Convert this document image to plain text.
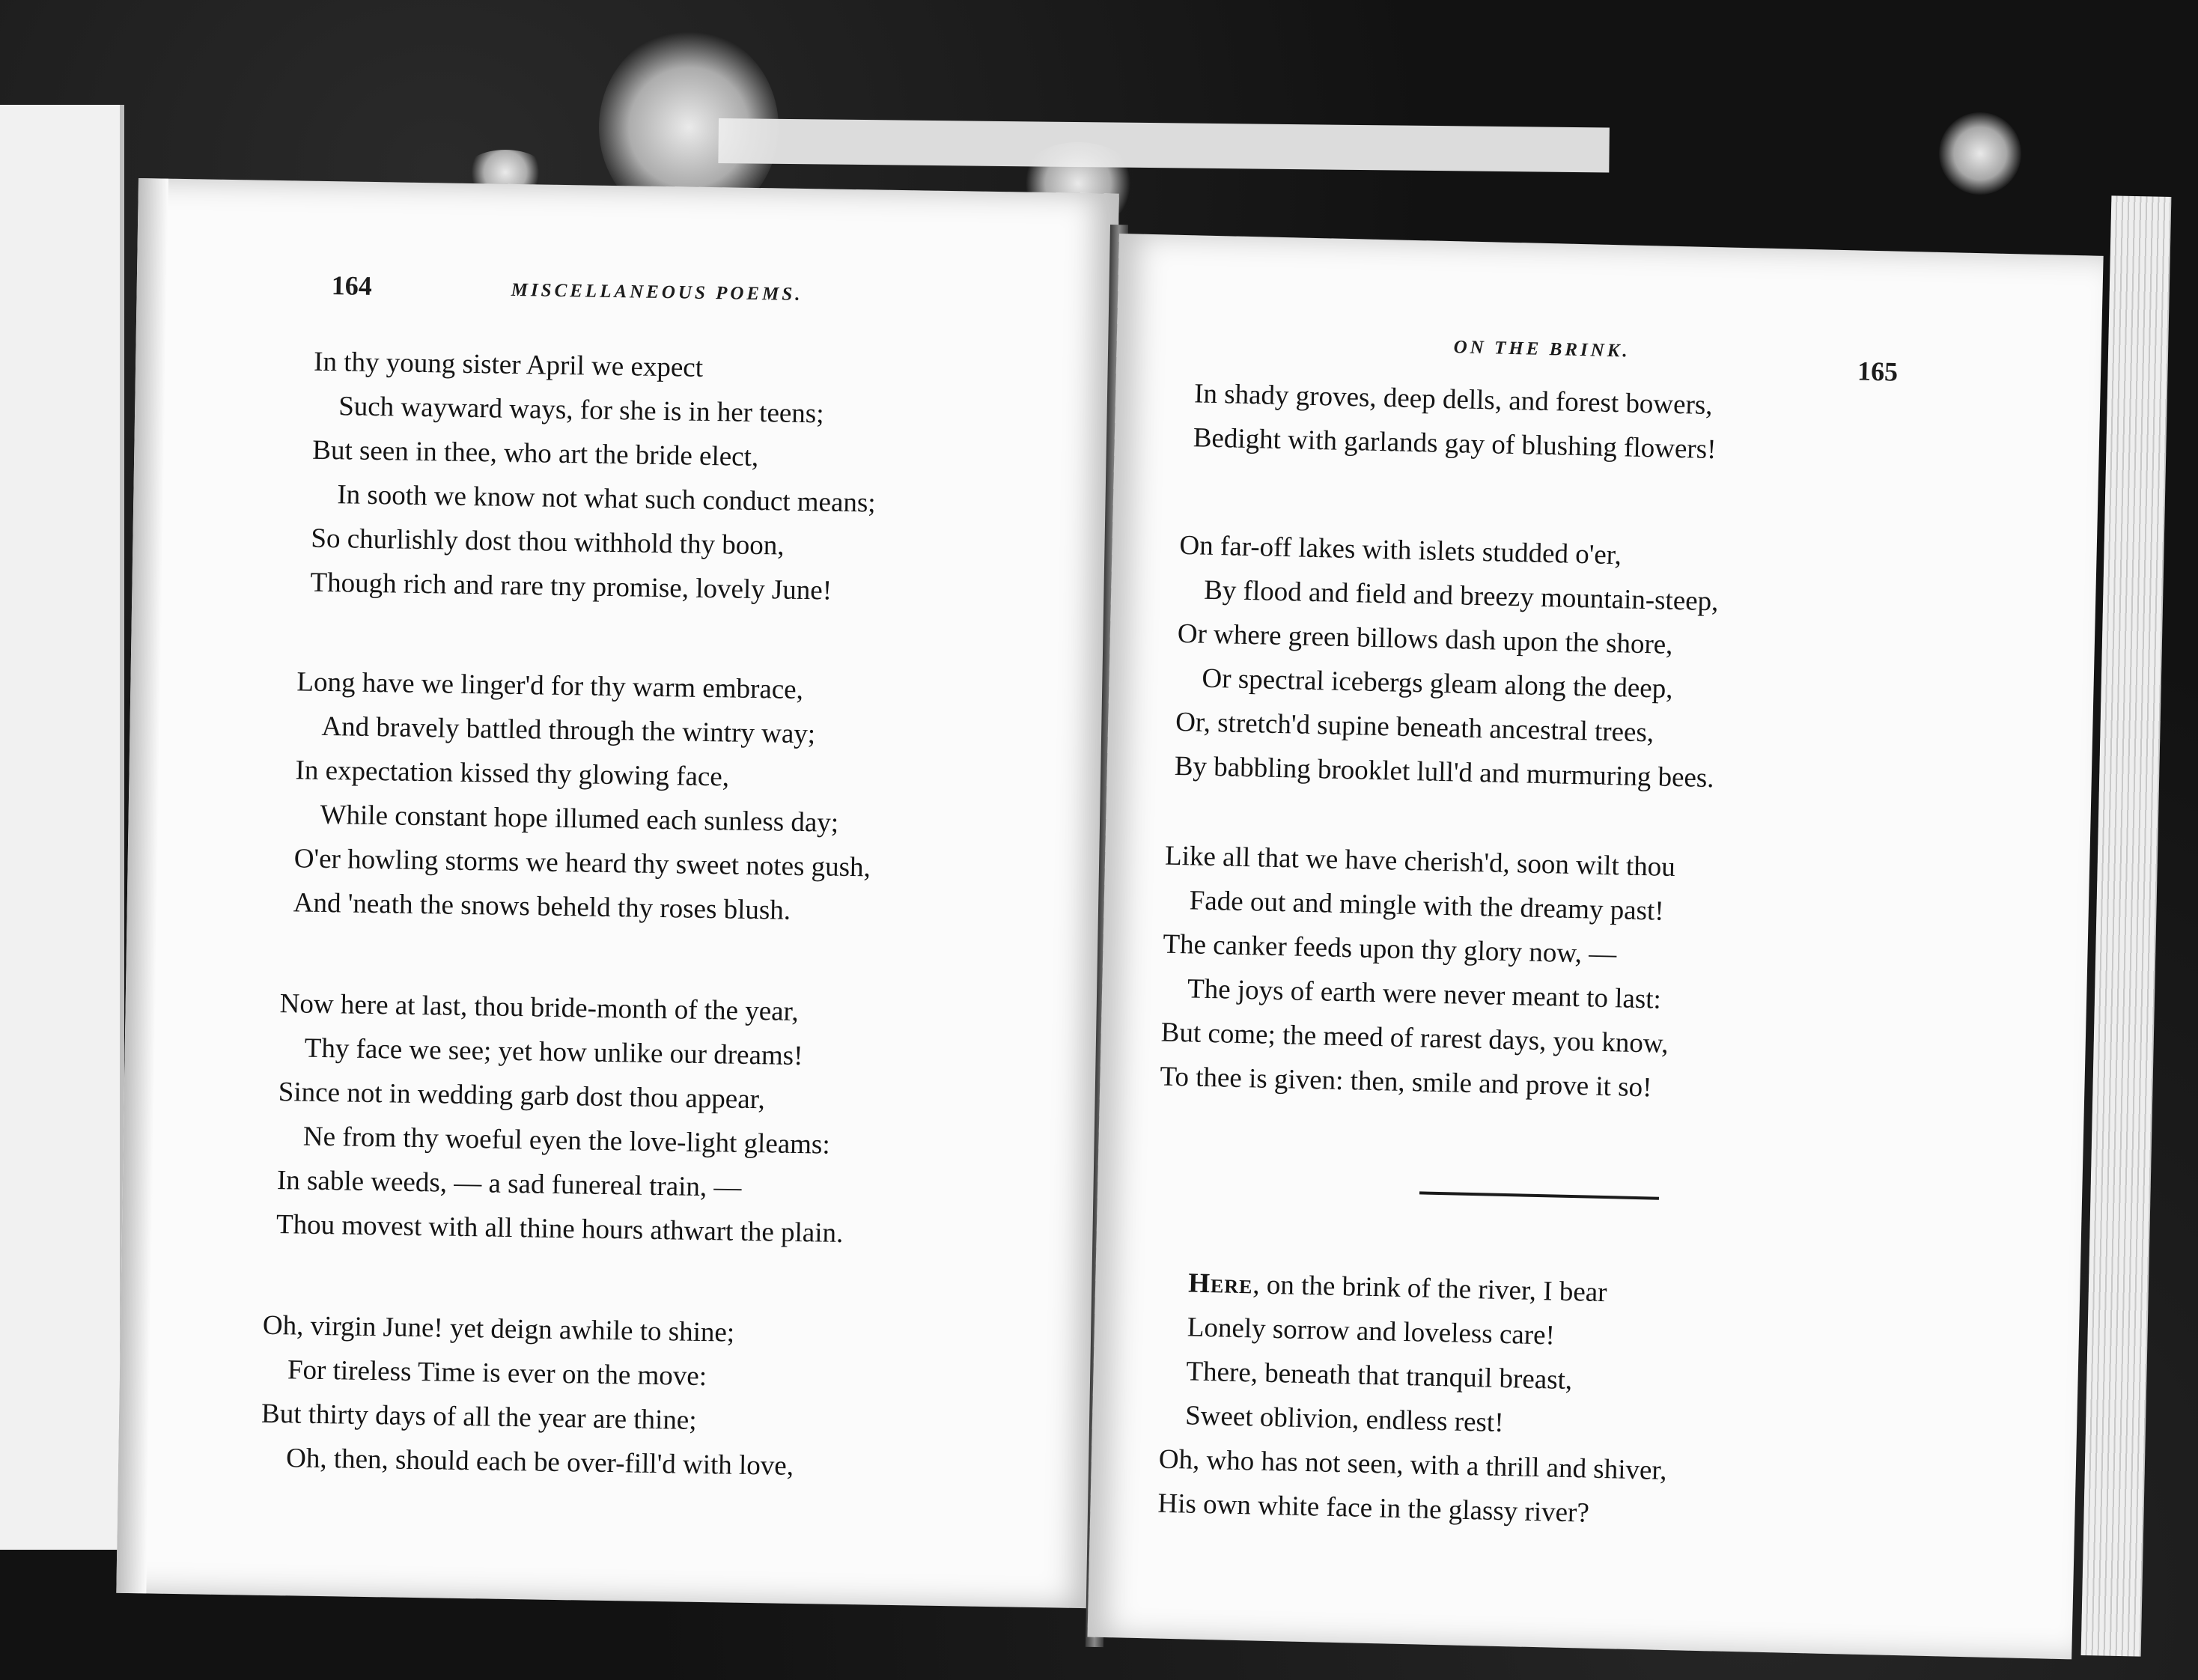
164	MISCELLANEOUS POEMS.
In thy young sister April we expect
Such wayward ways, for she is in her teens;
But seen in thee, who art the bride elect,
In sooth we know not what such conduct means;
So churlishly dost thou withhold thy boon,
Though rich and rare tny promise, lovely June!
Long have we linger'd for thy warm embrace,
And bravely battled through the wintry way;
In expectation kissed thy glowing face,
While constant hope illumed each sunless day;
O'er howling storms we heard thy sweet notes gush,
And 'neath the snows beheld thy roses blush.
Now here at last, thou bride-month of the year,
Thy face we see; yet how unlike our dreams!
Since not in wedding garb dost thou appear,
Ne from thy woeful eyen the love-light gleams:
In sable weeds, — a sad funereal train, —
Thou movest with all thine hours athwart the plain.
Oh, virgin June! yet deign awhile to shine;
For tireless Time is ever on the move:
But thirty days of all the year are thine;
Oh, then, should each be over-fill'd with love,
ON THE BRINK.
165
In shady groves, deep dells, and forest bowers,
Bedight with garlands gay of blushing flowers!
On far-off lakes with islets studded o'er,
By flood and field and breezy mountain-steep,
Or where green billows dash upon the shore,
Or spectral icebergs gleam along the deep,
Or, stretch'd supine beneath ancestral trees,
By babbling brooklet lull'd and murmuring bees.
Like all that we have cherish'd, soon wilt thou
Fade out and mingle with the dreamy past!
The canker feeds upon thy glory now, —
The joys of earth were never meant to last:
But come; the meed of rarest days, you know,
To thee is given: then, smile and prove it so!
Here, on the brink of the river, I bear
Lonely sorrow and loveless care!
There, beneath that tranquil breast,
Sweet oblivion, endless rest!
Oh, who has not seen, with a thrill and shiver,
His own white face in the glassy river?
